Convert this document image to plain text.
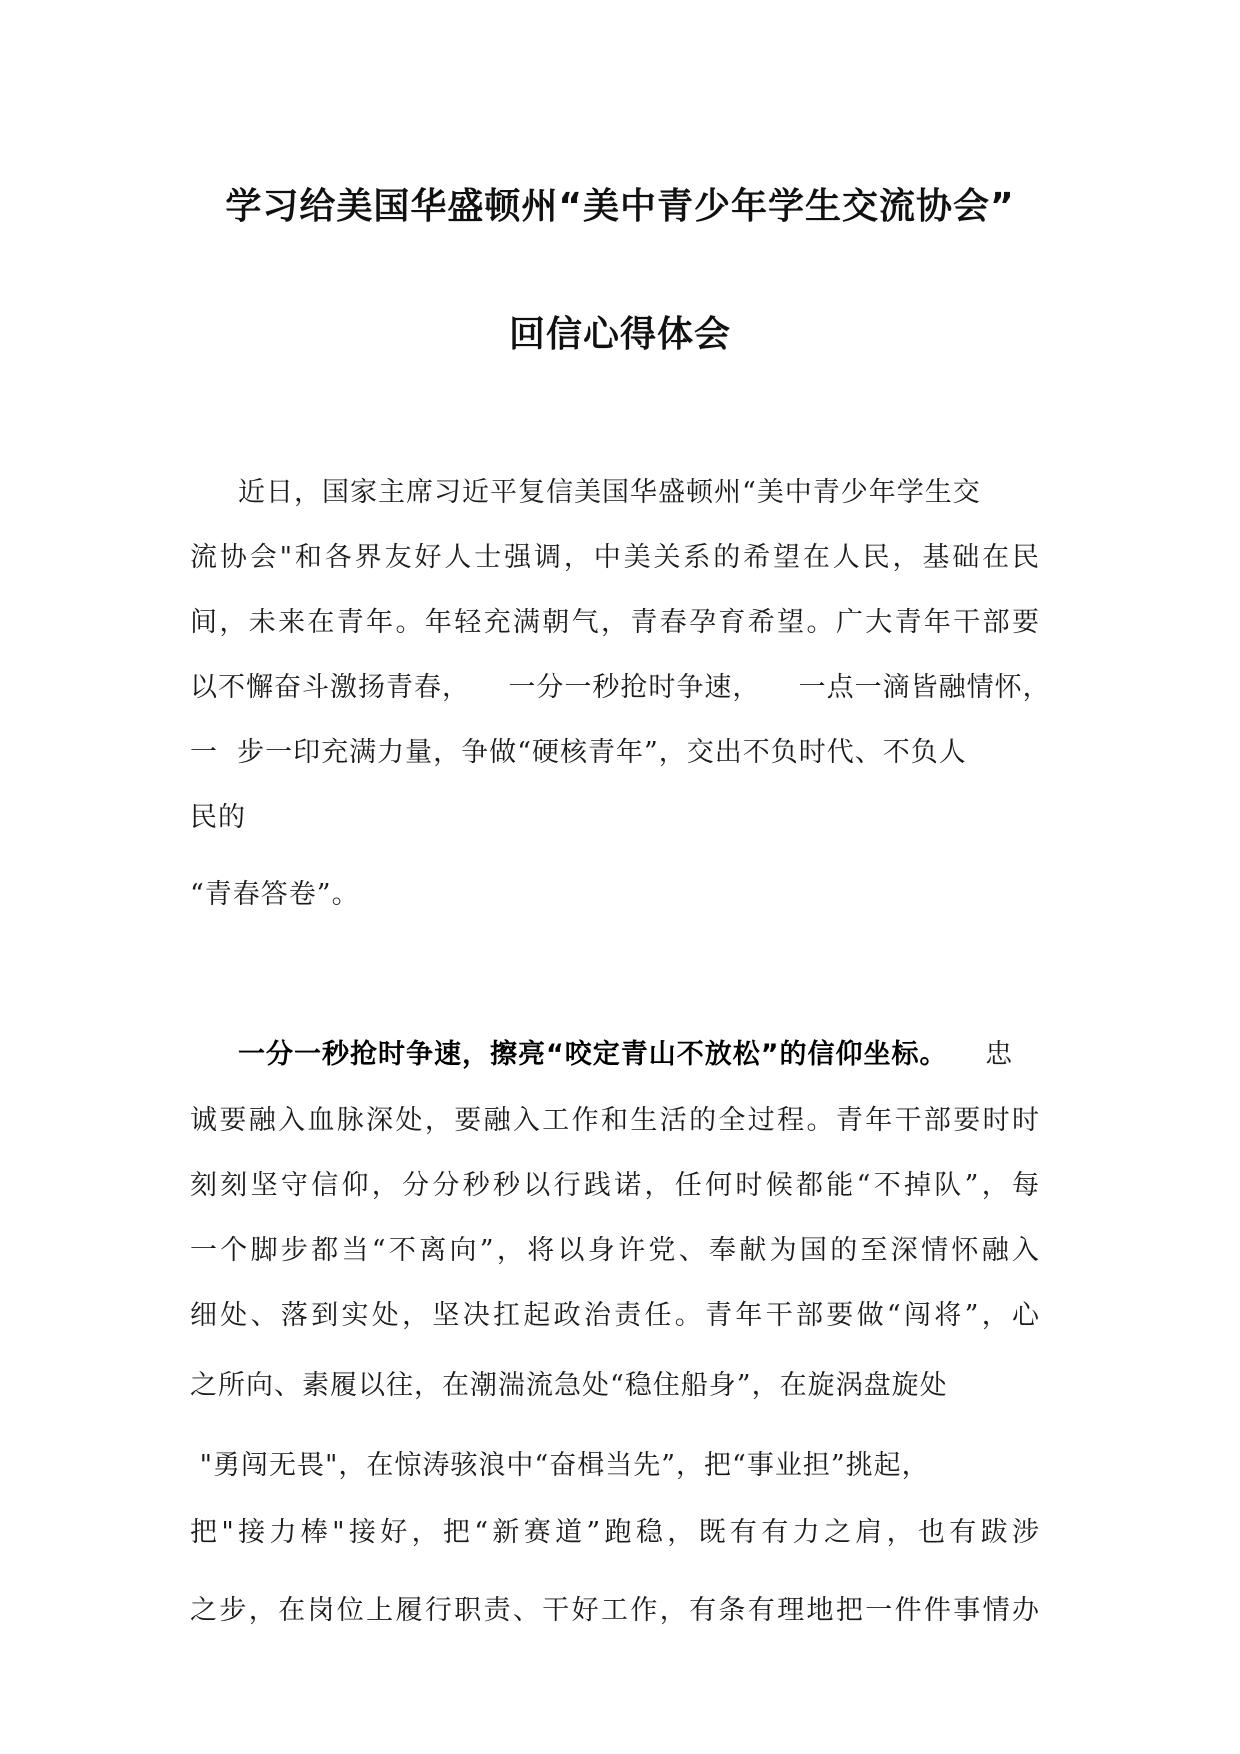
学习给美国华盛顿州“美中青少年学生交流协会”
回信心得体会
近日，国家主席习近平复信美国华盛顿州“美中青少年学生交
流协会"和各界友好人士强调，中美关系的希望在人民，基础在民
间，未来在青年。年轻充满朝气，青春孕育希望。广大青年干部要
以不懈奋斗激扬青春，    一分一秒抢时争速，    一点一滴皆融情怀，
一  步一印充满力量，争做“硬核青年”，交出不负时代、不负人
民的
“青春答卷”。
一分一秒抢时争速，擦亮“咬定青山不放松”的信仰坐标。 忠
诚要融入血脉深处，要融入工作和生活的全过程。青年干部要时时
刻刻坚守信仰，分分秒秒以行践诺，任何时候都能“不掉队”，每
一个脚步都当“不离向”，将以身许党、奉献为国的至深情怀融入
细处、落到实处，坚决扛起政治责任。青年干部要做“闯将”，心
之所向、素履以往，在潮湍流急处“稳住船身”，在旋涡盘旋处
"勇闯无畏"，在惊涛骇浪中“奋楫当先”，把“事业担”挑起，
把"接力棒"接好，把“新赛道”跑稳，既有有力之肩，也有跋涉
之步，在岗位上履行职责、干好工作，有条有理地把一件件事情办
